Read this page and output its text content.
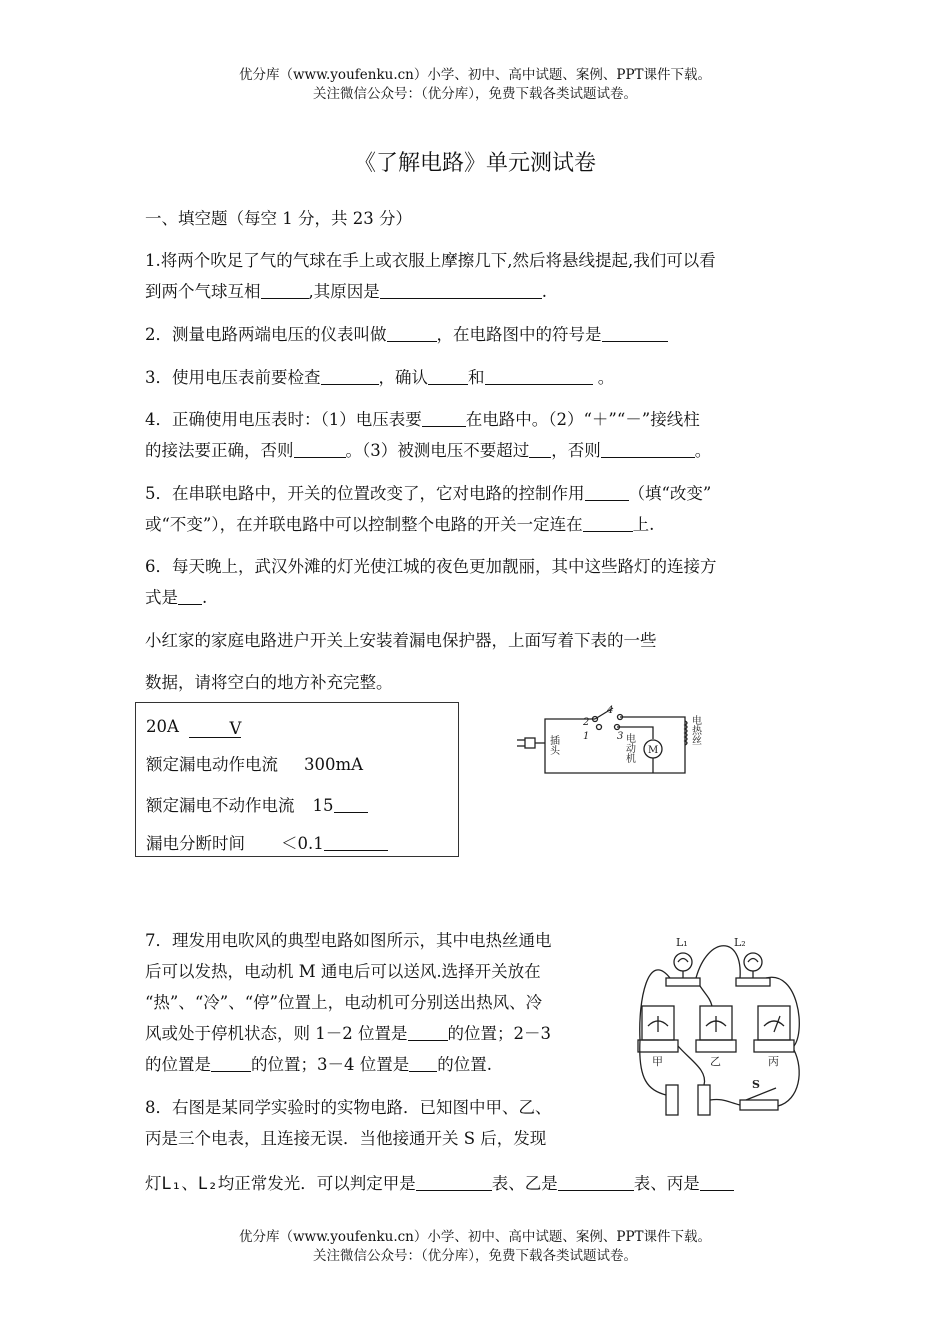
优分库（www.youfenku.cn）小学、初中、高中试题、案例、PPT课件下载。
关注微信公众号：（优分库），免费下载各类试题试卷。
《了解电路》单元测试卷
一、填空题（每空 1 分，共 23 分）
1.将两个吹足了气的气球在手上或衣服上摩擦几下,然后将悬线提起,我们可以看
到两个气球互相	,其原因是	.
2．测量电路两端电压的仪表叫做	，在电路图中的符号是
3．使用电压表前要检查	，确认 和	。
4．正确使用电压表时：（1）电压表要	在电路中。（2）“＋”“－”接线柱
的接法要正确，否则	。（3）被测电压不要超过 ，否则	。
5．在串联电路中，开关的位置改变了，它对电路的控制作用	（填“改变”
或“不变”），在并联电路中可以控制整个电路的开关一定连在	上.
6．每天晚上，武汉外滩的灯光使江城的夜色更加靓丽，其中这些路灯的连接方
式是 .
小红家的家庭电路进户开关上安装着漏电保护器，上面写着下表的一些
数据，请将空白的地方补充完整。
20A	V
额定漏电动作电流 300mA
额定漏电不动作电流 15
漏电分断时间 ＜0.1
2
1	3
4
M
插头	电动机
电热丝
7．理发用电吹风的典型电路如图所示，其中电热丝通电
后可以发热，电动机 M 通电后可以送风.选择开关放在
“热”、“冷”、“停”位置上，电动机可分别送出热风、冷
风或处于停机状态，则 1－2 位置是 的位置；2－3
的位置是 的位置；3－4 位置是 的位置.
8．右图是某同学实验时的实物电路．已知图中甲、乙、
丙是三个电表，且连接无误．当他接通开关 S 后，发现
灯L₁、L₂均正常发光．可以判定甲是	表、乙是	表、丙是
L₁	L₂
甲	乙	丙
S
优分库（www.youfenku.cn）小学、初中、高中试题、案例、PPT课件下载。
关注微信公众号：（优分库），免费下载各类试题试卷。
